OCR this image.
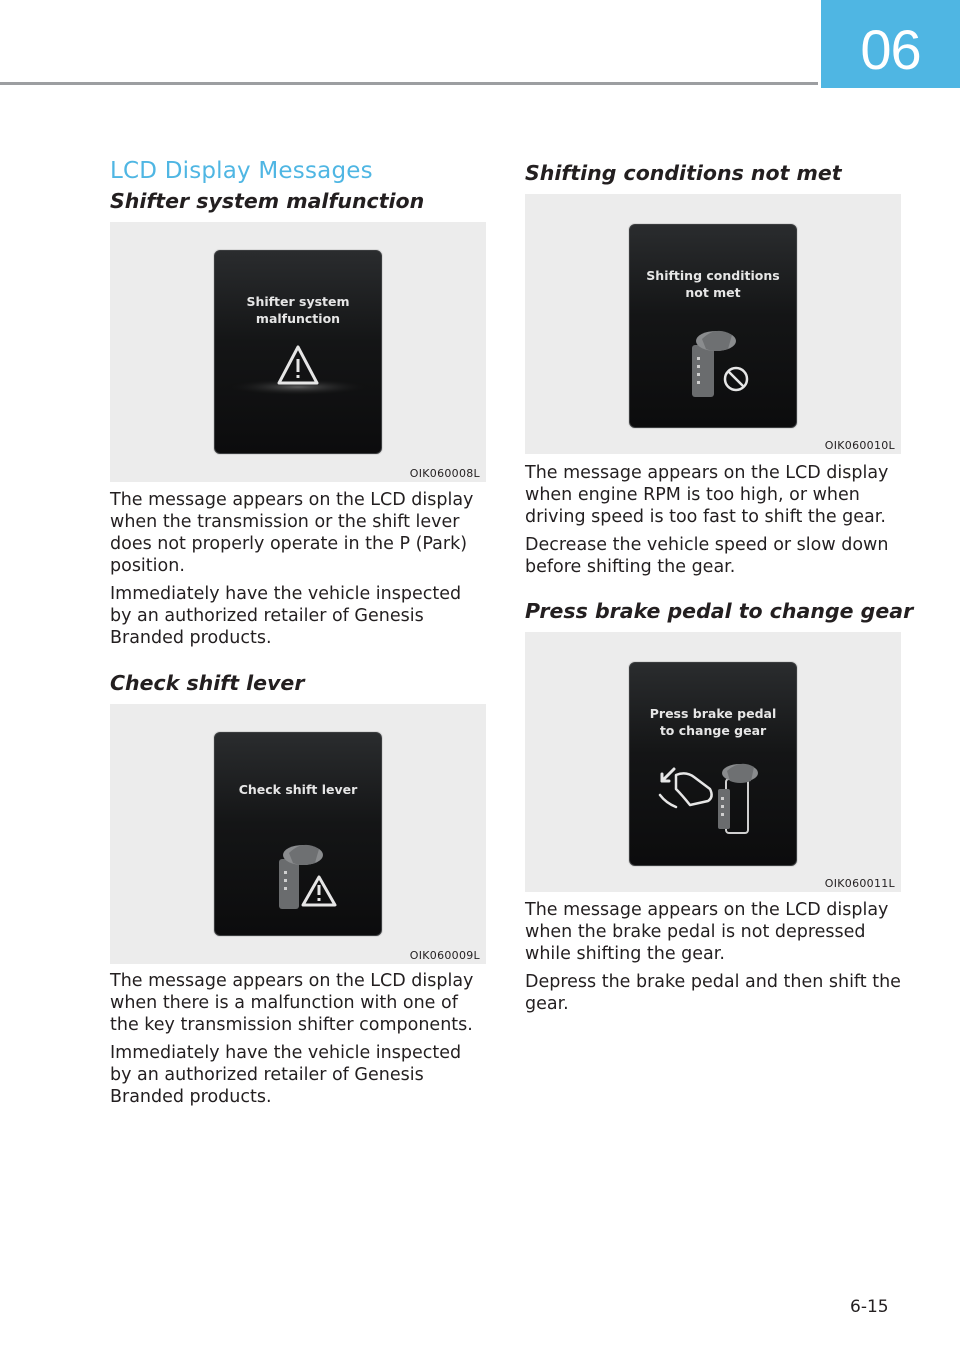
06
LCD Display Messages
Shifter system malfunction
Shifter system
malfunction
OIK060008L

The message appears on the LCD display when the transmission or the shift lever does not properly operate in the P (Park) position.

Immediately have the vehicle inspected by an authorized retailer of Genesis Branded products.

Check shift lever
Check shift lever
OIK060009L

The message appears on the LCD display when there is a malfunction with one of the key transmission shifter components.

Immediately have the vehicle inspected by an authorized retailer of Genesis Branded products.

Shifting conditions not met
Shifting conditions
not met
OIK060010L

The message appears on the LCD display when engine RPM is too high, or when driving speed is too fast to shift the gear.

Decrease the vehicle speed or slow down before shifting the gear.

Press brake pedal to change gear
Press brake pedal
to change gear
OIK060011L

The message appears on the LCD display when the brake pedal is not depressed while shifting the gear.

Depress the brake pedal and then shift the gear.

6-15
